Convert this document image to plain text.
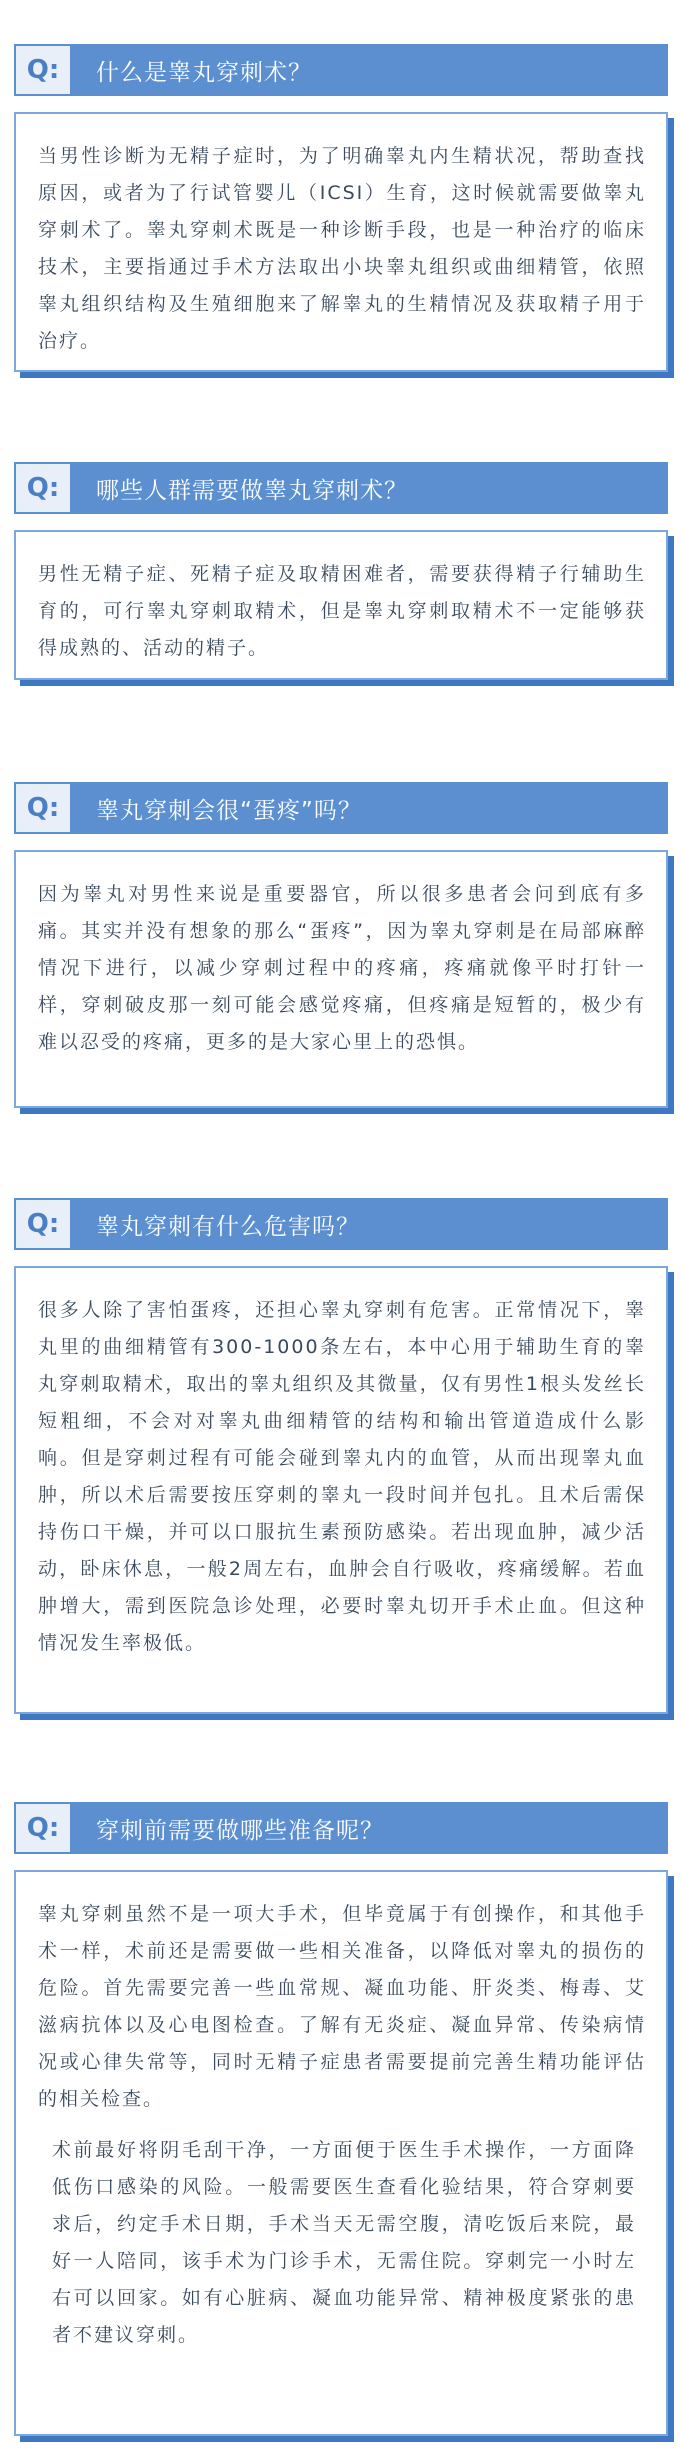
Q:	什么是睾丸穿刺术？

当男性诊断为无精子症时，为了明确睾丸内生精状况，帮助查找原因，或者为了行试管婴儿（ICSI）生育，这时候就需要做睾丸穿刺术了。睾丸穿刺术既是一种诊断手段，也是一种治疗的临床技术，主要指通过手术方法取出小块睾丸组织或曲细精管，依照睾丸组织结构及生殖细胞来了解睾丸的生精情况及获取精子用于治疗。

Q:	哪些人群需要做睾丸穿刺术？

男性无精子症、死精子症及取精困难者，需要获得精子行辅助生育的，可行睾丸穿刺取精术，但是睾丸穿刺取精术不一定能够获得成熟的、活动的精子。

Q:	睾丸穿刺会很“蛋疼”吗？

因为睾丸对男性来说是重要器官，所以很多患者会问到底有多痛。其实并没有想象的那么“蛋疼”，因为睾丸穿刺是在局部麻醉情况下进行，以减少穿刺过程中的疼痛，疼痛就像平时打针一样，穿刺破皮那一刻可能会感觉疼痛，但疼痛是短暂的，极少有难以忍受的疼痛，更多的是大家心里上的恐惧。

Q:	睾丸穿刺有什么危害吗？

很多人除了害怕蛋疼，还担心睾丸穿刺有危害。正常情况下，睾丸里的曲细精管有300-1000条左右，本中心用于辅助生育的睾丸穿刺取精术，取出的睾丸组织及其微量，仅有男性1根头发丝长短粗细，不会对对睾丸曲细精管的结构和输出管道造成什么影响。但是穿刺过程有可能会碰到睾丸内的血管，从而出现睾丸血肿，所以术后需要按压穿刺的睾丸一段时间并包扎。且术后需保持伤口干燥，并可以口服抗生素预防感染。若出现血肿，减少活动，卧床休息，一般2周左右，血肿会自行吸收，疼痛缓解。若血肿增大，需到医院急诊处理，必要时睾丸切开手术止血。但这种情况发生率极低。

Q:	穿刺前需要做哪些准备呢？

睾丸穿刺虽然不是一项大手术，但毕竟属于有创操作，和其他手术一样，术前还是需要做一些相关准备，以降低对睾丸的损伤的危险。首先需要完善一些血常规、凝血功能、肝炎类、梅毒、艾滋病抗体以及心电图检查。了解有无炎症、凝血异常、传染病情况或心律失常等，同时无精子症患者需要提前完善生精功能评估的相关检查。

术前最好将阴毛刮干净，一方面便于医生手术操作，一方面降低伤口感染的风险。一般需要医生查看化验结果，符合穿刺要求后，约定手术日期，手术当天无需空腹，清吃饭后来院，最好一人陪同，该手术为门诊手术，无需住院。穿刺完一小时左右可以回家。如有心脏病、凝血功能异常、精神极度紧张的患者不建议穿刺。
